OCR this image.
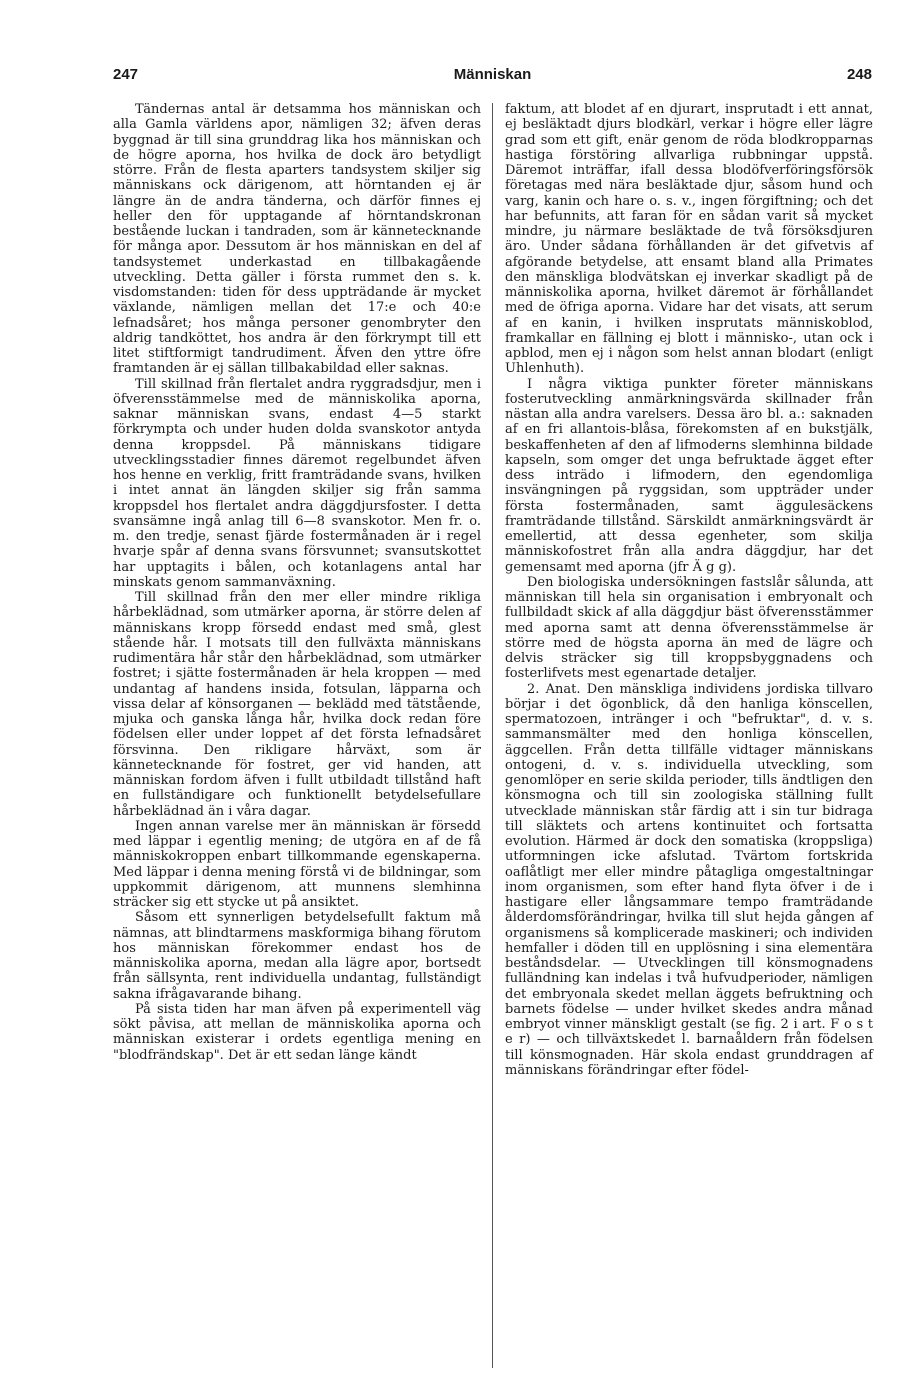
247	Människan	248

Tändernas antal är detsamma hos människan och alla Gamla världens apor, nämligen 32; äfven deras byggnad är till sina grunddrag lika hos människan och de högre aporna, hos hvilka de dock äro betydligt större. Från de flesta aparters tandsystem skiljer sig människans ock därigenom, att hörntanden ej är längre än de andra tänderna, och därför finnes ej heller den för upptagande af hörntandskronan bestående luckan i tandraden, som är kännetecknande för många apor. Dessutom är hos människan en del af tandsystemet underkastad en tillbakagående utveckling. Detta gäller i första rummet den s. k. visdomstanden: tiden för dess uppträdande är mycket växlande, nämligen mellan det 17:e och 40:e lefnadsåret; hos många personer genombryter den aldrig tandköttet, hos andra är den förkrympt till ett litet stiftformigt tandrudiment. Äfven den yttre öfre framtanden är ej sällan tillbakabildad eller saknas.

Till skillnad från flertalet andra ryggradsdjur, men i öfverensstämmelse med de människolika aporna, saknar människan svans, endast 4—5 starkt förkrympta och under huden dolda svanskotor antyda denna kroppsdel. På människans tidigare utvecklingsstadier finnes däremot regelbundet äfven hos henne en verklig, fritt framträdande svans, hvilken i intet annat än längden skiljer sig från samma kroppsdel hos flertalet andra däggdjursfoster. I detta svansämne ingå anlag till 6—8 svanskotor. Men fr. o. m. den tredje, senast fjärde fostermånaden är i regel hvarje spår af denna svans försvunnet; svansutskottet har upptagits i bålen, och kotanlagens antal har minskats genom sammanväxning.

Till skillnad från den mer eller mindre rikliga hårbeklädnad, som utmärker aporna, är större delen af människans kropp försedd endast med små, glest stående hår. I motsats till den fullväxta människans rudimentära hår står den hårbeklädnad, som utmärker fostret; i sjätte fostermånaden är hela kroppen — med undantag af handens insida, fotsulan, läpparna och vissa delar af könsorganen — beklädd med tätstående, mjuka och ganska långa hår, hvilka dock redan före födelsen eller under loppet af det första lefnadsåret försvinna. Den rikligare hårväxt, som är kännetecknande för fostret, ger vid handen, att människan fordom äfven i fullt utbildadt tillstånd haft en fullständigare och funktionellt betydelsefullare hårbeklädnad än i våra dagar.

Ingen annan varelse mer än människan är försedd med läppar i egentlig mening; de utgöra en af de få människokroppen enbart tillkommande egenskaperna. Med läppar i denna mening förstå vi de bildningar, som uppkommit därigenom, att munnens slemhinna sträcker sig ett stycke ut på ansiktet.

Såsom ett synnerligen betydelsefullt faktum må nämnas, att blindtarmens maskformiga bihang förutom hos människan förekommer endast hos de människolika aporna, medan alla lägre apor, bortsedt från sällsynta, rent individuella undantag, fullständigt sakna ifrågavarande bihang.

På sista tiden har man äfven på experimentell väg sökt påvisa, att mellan de människolika aporna och människan existerar i ordets egentliga mening en "blodfrändskap". Det är ett sedan länge kändt

faktum, att blodet af en djurart, insprutadt i ett annat, ej besläktadt djurs blodkärl, verkar i högre eller lägre grad som ett gift, enär genom de röda blodkropparnas hastiga förstöring allvarliga rubbningar uppstå. Däremot inträffar, ifall dessa blodöfverföringsförsök företagas med nära besläktade djur, såsom hund och varg, kanin och hare o. s. v., ingen förgiftning; och det har befunnits, att faran för en sådan varit så mycket mindre, ju närmare besläktade de två försöksdjuren äro. Under sådana förhållanden är det gifvetvis af afgörande betydelse, att ensamt bland alla Primates den mänskliga blodvätskan ej inverkar skadligt på de människolika aporna, hvilket däremot är förhållandet med de öfriga aporna. Vidare har det visats, att serum af en kanin, i hvilken insprutats människoblod, framkallar en fällning ej blott i människo-, utan ock i apblod, men ej i någon som helst annan blodart (enligt Uhlenhuth).

I några viktiga punkter företer människans fosterutveckling anmärkningsvärda skillnader från nästan alla andra varelsers. Dessa äro bl. a.: saknaden af en fri allantois-blåsa, förekomsten af en bukstjälk, beskaffenheten af den af lifmoderns slemhinna bildade kapseln, som omger det unga befruktade ägget efter dess inträdo i lifmodern, den egendomliga insvängningen på ryggsidan, som uppträder under första fostermånaden, samt äggulesäckens framträdande tillstånd. Särskildt anmärkningsvärdt är emellertid, att dessa egenheter, som skilja människofostret från alla andra däggdjur, har det gemensamt med aporna (jfr Ä g g).

Den biologiska undersökningen fastslår sålunda, att människan till hela sin organisation i embryonalt och fullbildadt skick af alla däggdjur bäst öfverensstämmer med aporna samt att denna öfverensstämmelse är större med de högsta aporna än med de lägre och delvis sträcker sig till kroppsbyggnadens och fosterlifvets mest egenartade detaljer.

2. Anat. Den mänskliga individens jordiska tillvaro börjar i det ögonblick, då den hanliga könscellen, spermatozoen, intränger i och "befruktar", d. v. s. sammansmälter med den honliga könscellen, äggcellen. Från detta tillfälle vidtager människans ontogeni, d. v. s. individuella utveckling, som genomlöper en serie skilda perioder, tills ändtligen den könsmogna och till sin zoologiska ställning fullt utvecklade människan står färdig att i sin tur bidraga till släktets och artens kontinuitet och fortsatta evolution. Härmed är dock den somatiska (kroppsliga) utformningen icke afslutad. Tvärtom fortskrida oaflåtligt mer eller mindre påtagliga omgestaltningar inom organismen, som efter hand flyta öfver i de i hastigare eller långsammare tempo framträdande ålderdomsförändringar, hvilka till slut hejda gången af organismens så komplicerade maskineri; och individen hemfaller i döden till en upplösning i sina elementära beståndsdelar. — Utvecklingen till könsmognadens fulländning kan indelas i två hufvudperioder, nämligen det embryonala skedet mellan äggets befruktning och barnets födelse — under hvilket skedes andra månad embryot vinner mänskligt gestalt (se fig. 2 i art. F o s t e r) — och tillväxtskedet l. barnaåldern från födelsen till könsmognaden. Här skola endast grunddragen af människans förändringar efter födel-
